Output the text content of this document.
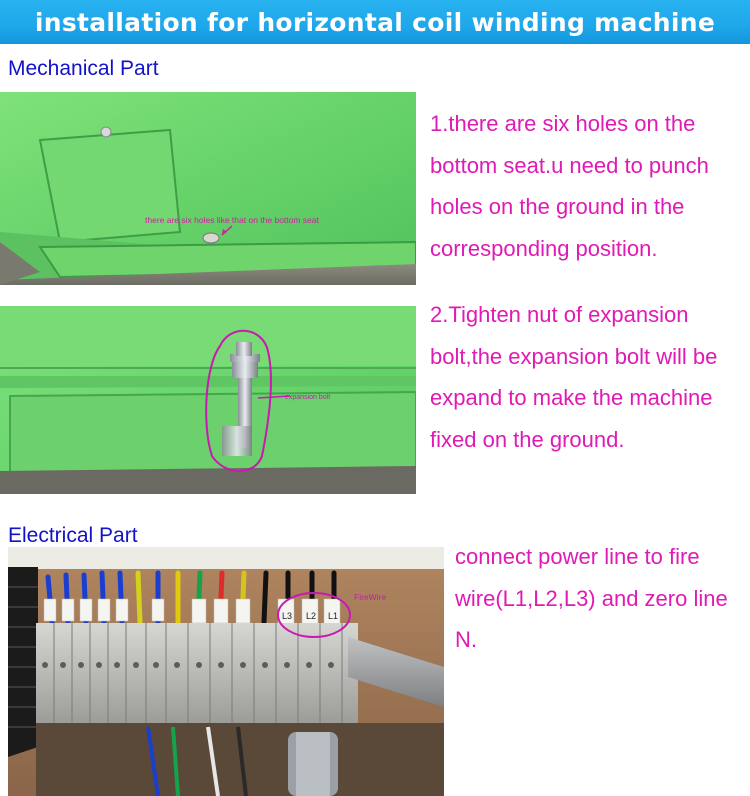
installation for horizontal coil winding machine
Mechanical Part
there are six holes like that on the bottom seat
1.there are six holes on the bottom seat.u need to punch holes on the ground in the corresponding position.
expansion bolt
2.Tighten nut of expansion bolt,the expansion bolt will be expand to make the machine fixed on the ground.
Electrical Part
L3 L2 L1
FireWire
connect power line to fire wire(L1,L2,L3) and zero line N.
